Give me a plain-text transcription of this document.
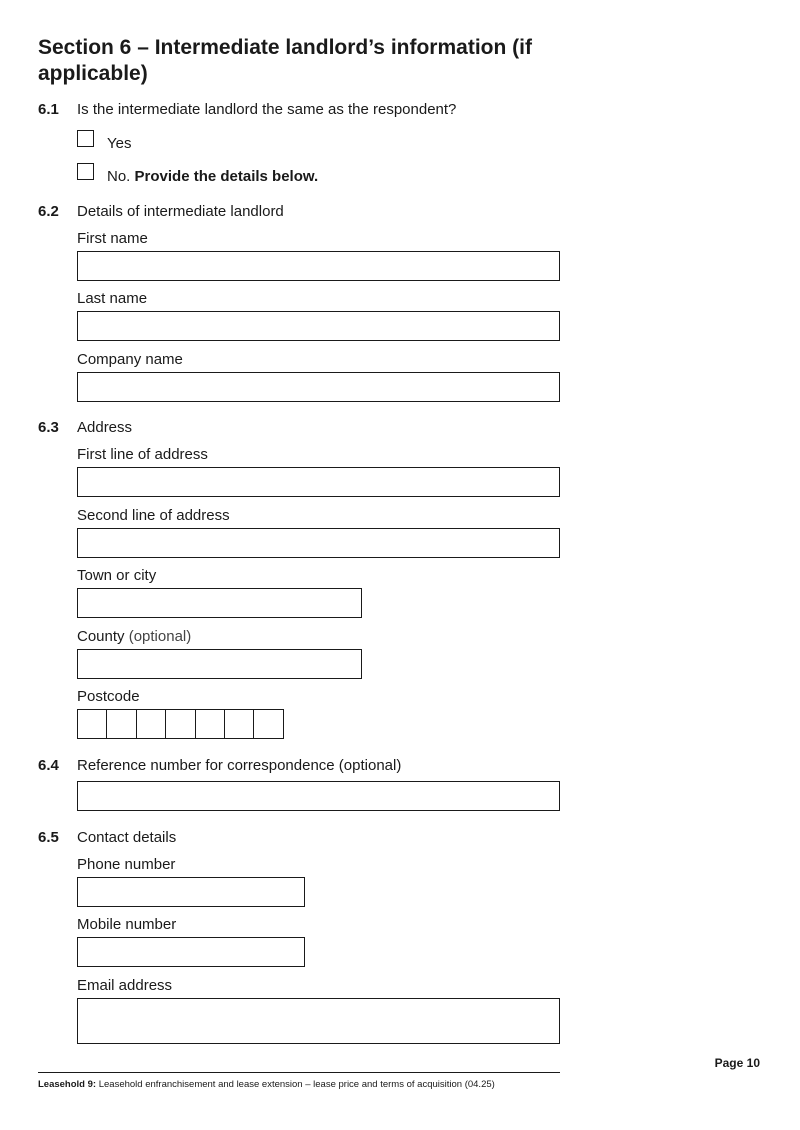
Section 6 – Intermediate landlord’s information (if applicable)
6.1 Is the intermediate landlord the same as the respondent?
Yes
No. Provide the details below.
6.2 Details of intermediate landlord
First name
Last name
Company name
6.3 Address
First line of address
Second line of address
Town or city
County (optional)
Postcode
6.4 Reference number for correspondence (optional)
6.5 Contact details
Phone number
Mobile number
Email address
Page 10
Leasehold 9: Leasehold enfranchisement and lease extension – lease price and terms of acquisition (04.25)
